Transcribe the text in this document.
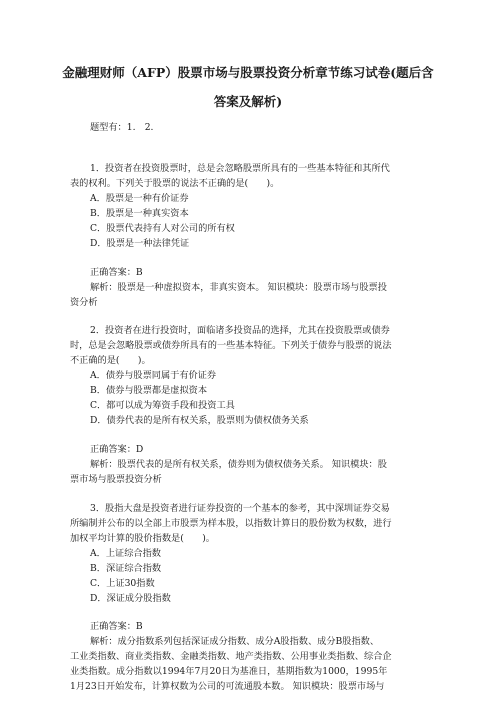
金融理财师（AFP）股票市场与股票投资分析章节练习试卷(题后含
答案及解析)
题型有：1.　2.
1．投资者在投资股票时，总是会忽略股票所具有的一些基本特征和其所代
表的权利。下列关于股票的说法不正确的是(　　)。
A．股票是一种有价证券
B．股票是一种真实资本
C．股票代表持有人对公司的所有权
D．股票是一种法律凭证
正确答案：B
解析：股票是一种虚拟资本，非真实资本。 知识模块：股票市场与股票投
资分析
2．投资者在进行投资时，面临诸多投资品的选择，尤其在投资股票或债券
时，总是会忽略股票或债券所具有的一些基本特征。下列关于债券与股票的说法
不正确的是(　　)。
A．债券与股票同属于有价证券
B．债券与股票都是虚拟资本
C．都可以成为筹资手段和投资工具
D．债券代表的是所有权关系，股票则为债权债务关系
正确答案：D
解析：股票代表的是所有权关系，债券则为债权债务关系。 知识模块：股
票市场与股票投资分析
3．股指大盘是投资者进行证券投资的一个基本的参考，其中深圳证券交易
所编制并公布的以全部上市股票为样本股，以指数计算日的股份数为权数，进行
加权平均计算的股价指数是(　　)。
A．上证综合指数
B．深证综合指数
C．上证30指数
D．深证成分股指数
正确答案：B
解析：成分指数系列包括深证成分指数、成分A股指数、成分B股指数、
工业类指数、商业类指数、金融类指数、地产类指数、公用事业类指数、综合企
业类指数。成分指数以1994年7月20日为基准日，基期指数为1000，1995年
1月23日开始发布，计算权数为公司的可流通股本数。 知识模块：股票市场与
